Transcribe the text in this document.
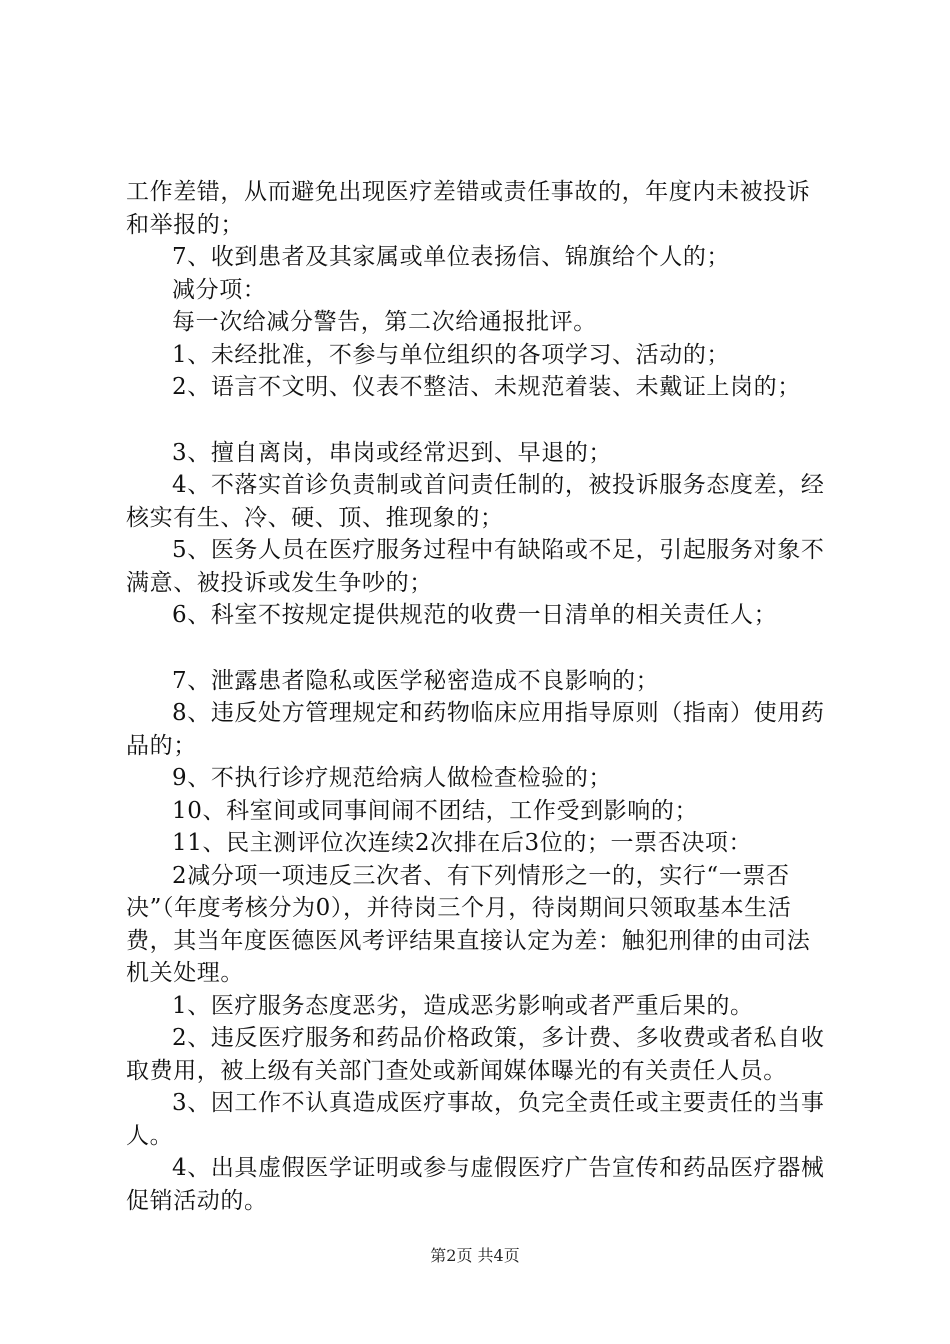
工作差错，从而避免出现医疗差错或责任事故的，年度内未被投诉和举报的；

7、收到患者及其家属或单位表扬信、锦旗给个人的；

减分项：

每一次给减分警告，第二次给通报批评。

1、未经批准，不参与单位组织的各项学习、活动的；

2、语言不文明、仪表不整洁、未规范着装、未戴证上岗的；

3、擅自离岗，串岗或经常迟到、早退的；

4、不落实首诊负责制或首问责任制的，被投诉服务态度差，经核实有生、冷、硬、顶、推现象的；

5、医务人员在医疗服务过程中有缺陷或不足，引起服务对象不满意、被投诉或发生争吵的；

6、科室不按规定提供规范的收费一日清单的相关责任人；

7、泄露患者隐私或医学秘密造成不良影响的；

8、违反处方管理规定和药物临床应用指导原则（指南）使用药品的；

9、不执行诊疗规范给病人做检查检验的；

10、科室间或同事间闹不团结，工作受到影响的；

11、民主测评位次连续2次排在后3位的；一票否决项：

2减分项一项违反三次者、有下列情形之一的，实行“一票否决”（年度考核分为0），并待岗三个月，待岗期间只领取基本生活费，其当年度医德医风考评结果直接认定为差：触犯刑律的由司法机关处理。

1、医疗服务态度恶劣，造成恶劣影响或者严重后果的。

2、违反医疗服务和药品价格政策，多计费、多收费或者私自收取费用，被上级有关部门查处或新闻媒体曝光的有关责任人员。

3、因工作不认真造成医疗事故，负完全责任或主要责任的当事人。

4、出具虚假医学证明或参与虚假医疗广告宣传和药品医疗器械促销活动的。

第2页 共4页
